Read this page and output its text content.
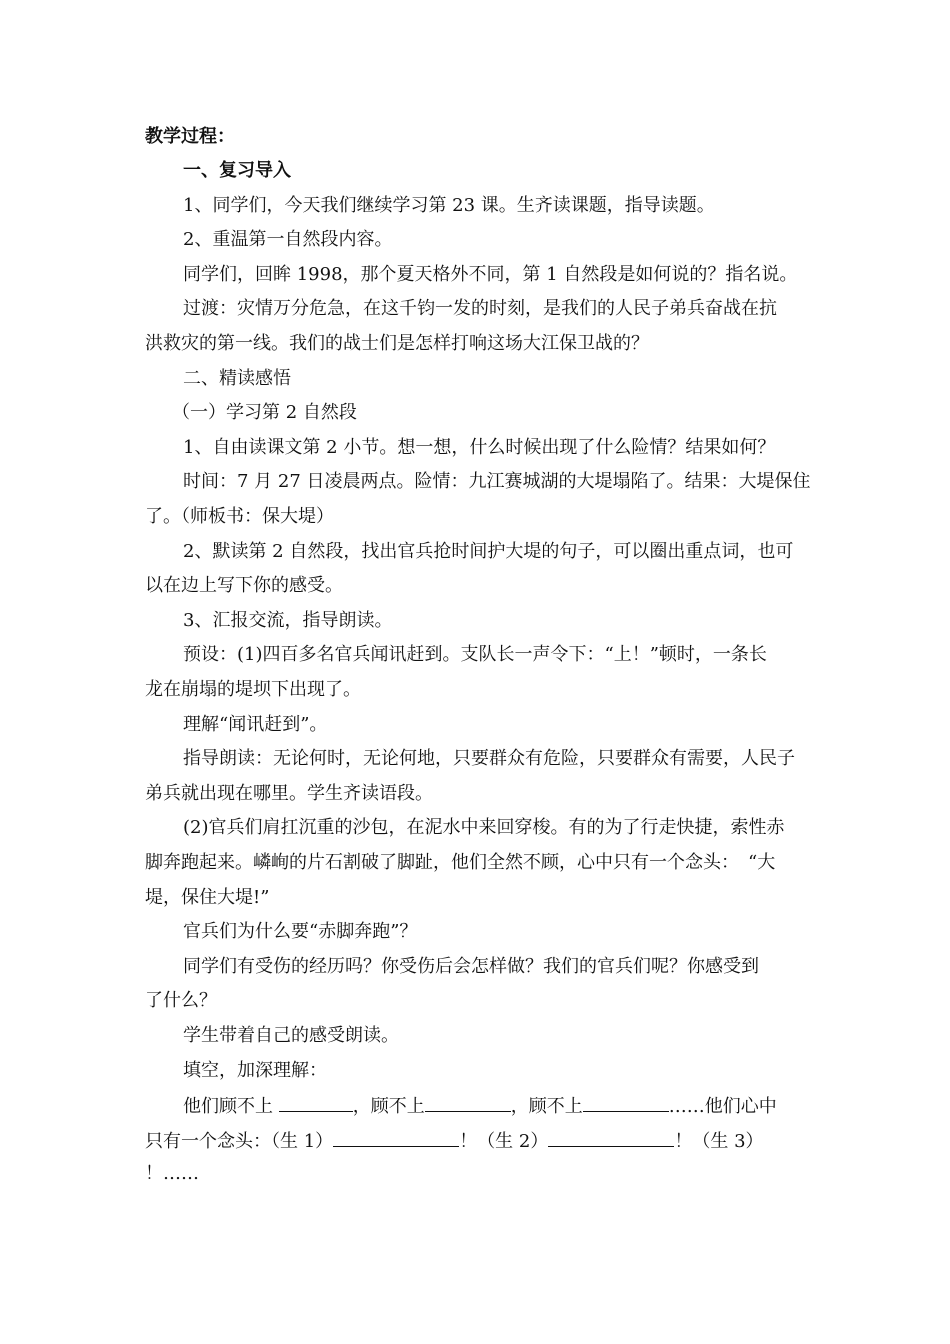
教学过程：
一、复习导入
1、同学们，今天我们继续学习第 23 课。生齐读课题，指导读题。
2、重温第一自然段内容。
同学们，回眸 1998，那个夏天格外不同，第 1 自然段是如何说的？指名说。
过渡：灾情万分危急，在这千钧一发的时刻，是我们的人民子弟兵奋战在抗
洪救灾的第一线。我们的战士们是怎样打响这场大江保卫战的？
二、精读感悟
（一）学习第 2 自然段
1、自由读课文第 2 小节。想一想，什么时候出现了什么险情？结果如何？
时间：7 月 27 日凌晨两点。险情：九江赛城湖的大堤塌陷了。结果：大堤保住
了。（师板书：保大堤）
2、默读第 2 自然段，找出官兵抢时间护大堤的句子，可以圈出重点词，也可
以在边上写下你的感受。
3、汇报交流，指导朗读。
预设：(1)四百多名官兵闻讯赶到。支队长一声令下：“上！”顿时，一条长
龙在崩塌的堤坝下出现了。
理解“闻讯赶到”。
指导朗读：无论何时，无论何地，只要群众有危险，只要群众有需要，人民子
弟兵就出现在哪里。学生齐读语段。
(2)官兵们肩扛沉重的沙包，在泥水中来回穿梭。有的为了行走快捷，索性赤
脚奔跑起来。嶙峋的片石割破了脚趾，他们全然不顾，心中只有一个念头：　“大
堤，保住大堤!”
官兵们为什么要“赤脚奔跑”？
同学们有受伤的经历吗？你受伤后会怎样做？我们的官兵们呢？你感受到
了什么？
学生带着自己的感受朗读。
填空，加深理解：
他们顾不上	，顾不上	，顾不上	……他们心中
只有一个念头：（生 1）	！（生 2）	！（生 3）
！……
